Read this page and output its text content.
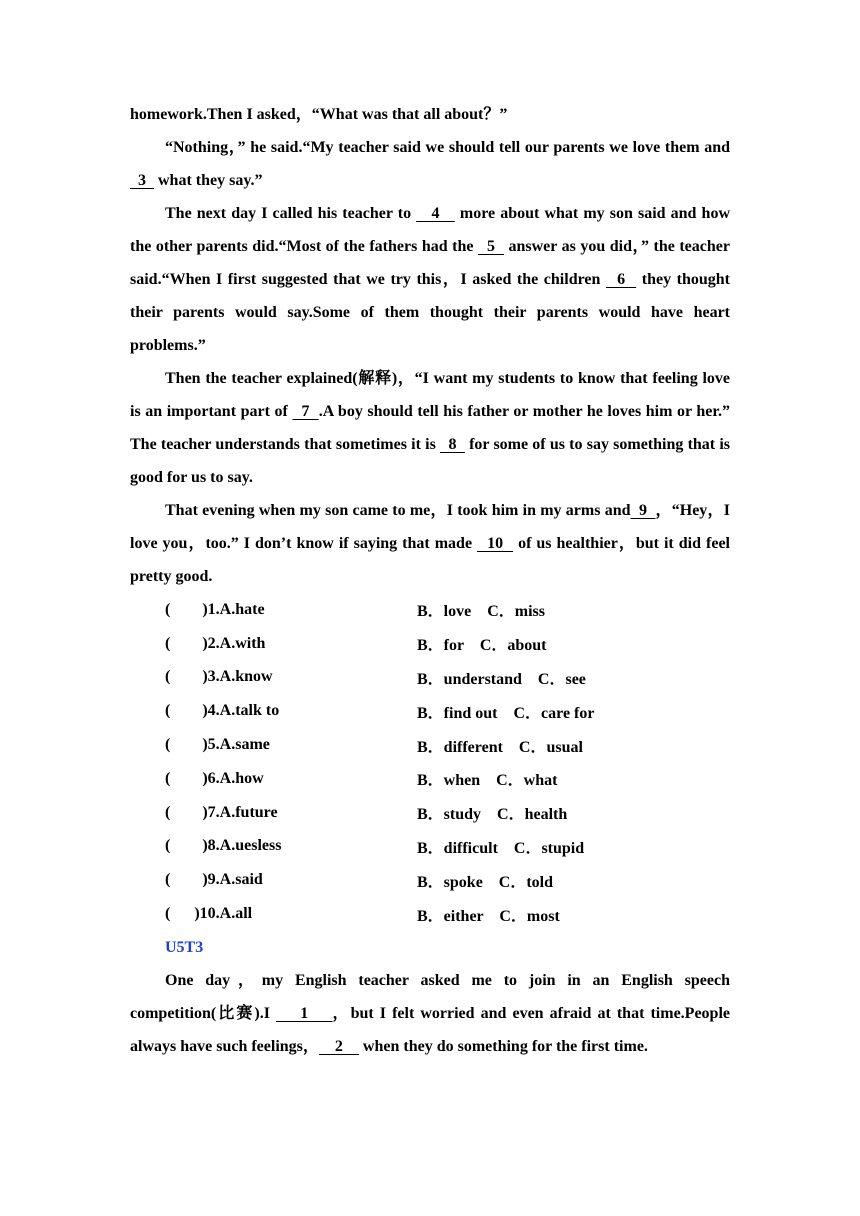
homework.Then I asked，“What was that all about？”

“Nothing，” he said.“My teacher said we should tell our parents we love them and   3   what they say.”

The next day I called his teacher to    4    more about what my son said and how the other parents did.“Most of the fathers had the   5   answer as you did，” the teacher said.“When I first suggested that we try this，I asked the children   6   they thought their parents would say.Some of them thought their parents would have heart problems.”

Then the teacher explained(解释)，“I want my students to know that feeling love is an important part of   7  .A boy should tell his father or mother he loves him or her.” The teacher understands that sometimes it is   8   for some of us to say something that is good for us to say.

That evening when my son came to me，I took him in my arms and  9  ，“Hey，I love you，too.” I don’t know if saying that made   10   of us healthier，but it did feel pretty good.

(        )1.A.hate	B．love    C．miss
(        )2.A.with	B．for    C．about
(        )3.A.know	B．understand    C．see
(        )4.A.talk to	B．find out    C．care for
(        )5.A.same	B．different    C．usual
(        )6.A.how	B．when    C．what
(        )7.A.future	B．study    C．health
(        )8.A.uesless	B．difficult    C．stupid
(        )9.A.said	B．spoke    C．told
(      )10.A.all	B．either    C．most
U5T3

One day，my English teacher asked me to join in an English speech competition(比赛).I     1    ，but I felt worried and even afraid at that time.People always have such feelings，    2     when they do something for the first time.
